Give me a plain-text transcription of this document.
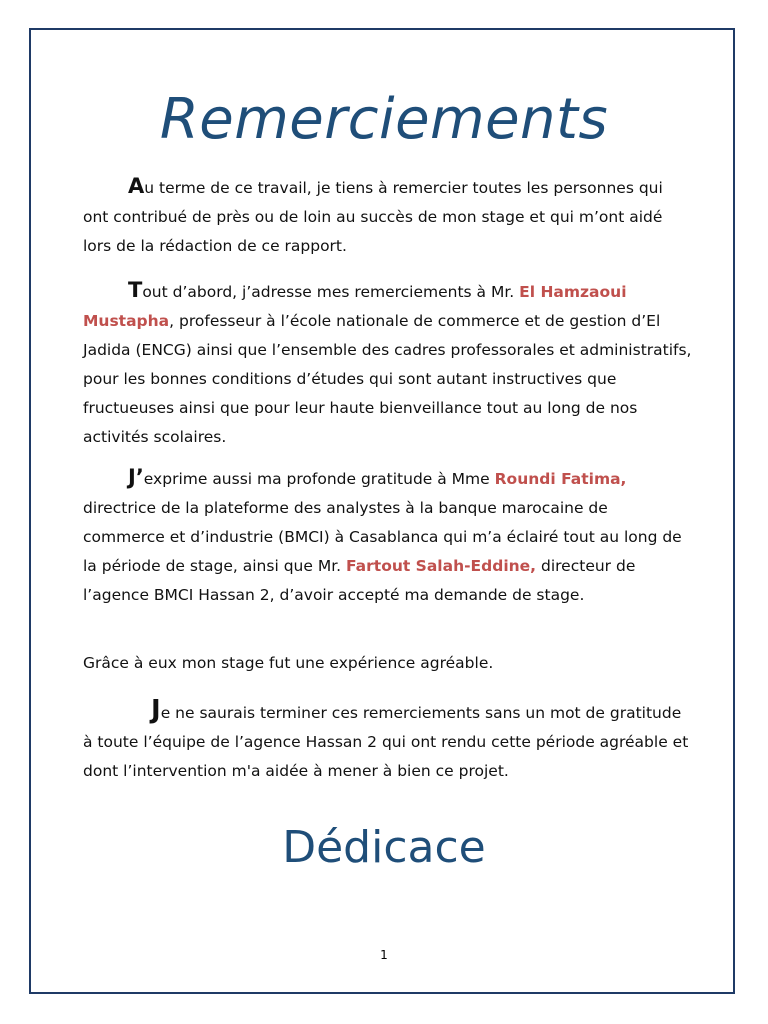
Remerciements
Au terme de ce travail, je tiens à remercier toutes les personnes qui ont contribué de près ou de loin au succès de mon stage et qui m’ont aidé lors de la rédaction de ce rapport.
Tout d’abord, j’adresse mes remerciements à Mr. El Hamzaoui Mustapha, professeur à l’école nationale de commerce et de gestion d’El Jadida (ENCG) ainsi que l’ensemble des cadres professorales et administratifs, pour les bonnes conditions d’études qui sont autant instructives que fructueuses ainsi que pour leur haute bienveillance tout au long de nos activités scolaires.
J’exprime aussi ma profonde gratitude à Mme Roundi Fatima, directrice de la plateforme des analystes à la banque marocaine de commerce et d’industrie (BMCI) à Casablanca qui m’a éclairé tout au long de la période de stage, ainsi que Mr. Fartout Salah-Eddine, directeur de l’agence BMCI Hassan 2, d’avoir accepté ma demande de stage.
Grâce à eux mon stage fut une expérience agréable.
Je ne saurais terminer ces remerciements sans un mot de gratitude à toute l’équipe de l’agence Hassan 2 qui ont rendu cette période agréable et dont l’intervention m'a aidée à mener à bien ce projet.
Dédicace
1
